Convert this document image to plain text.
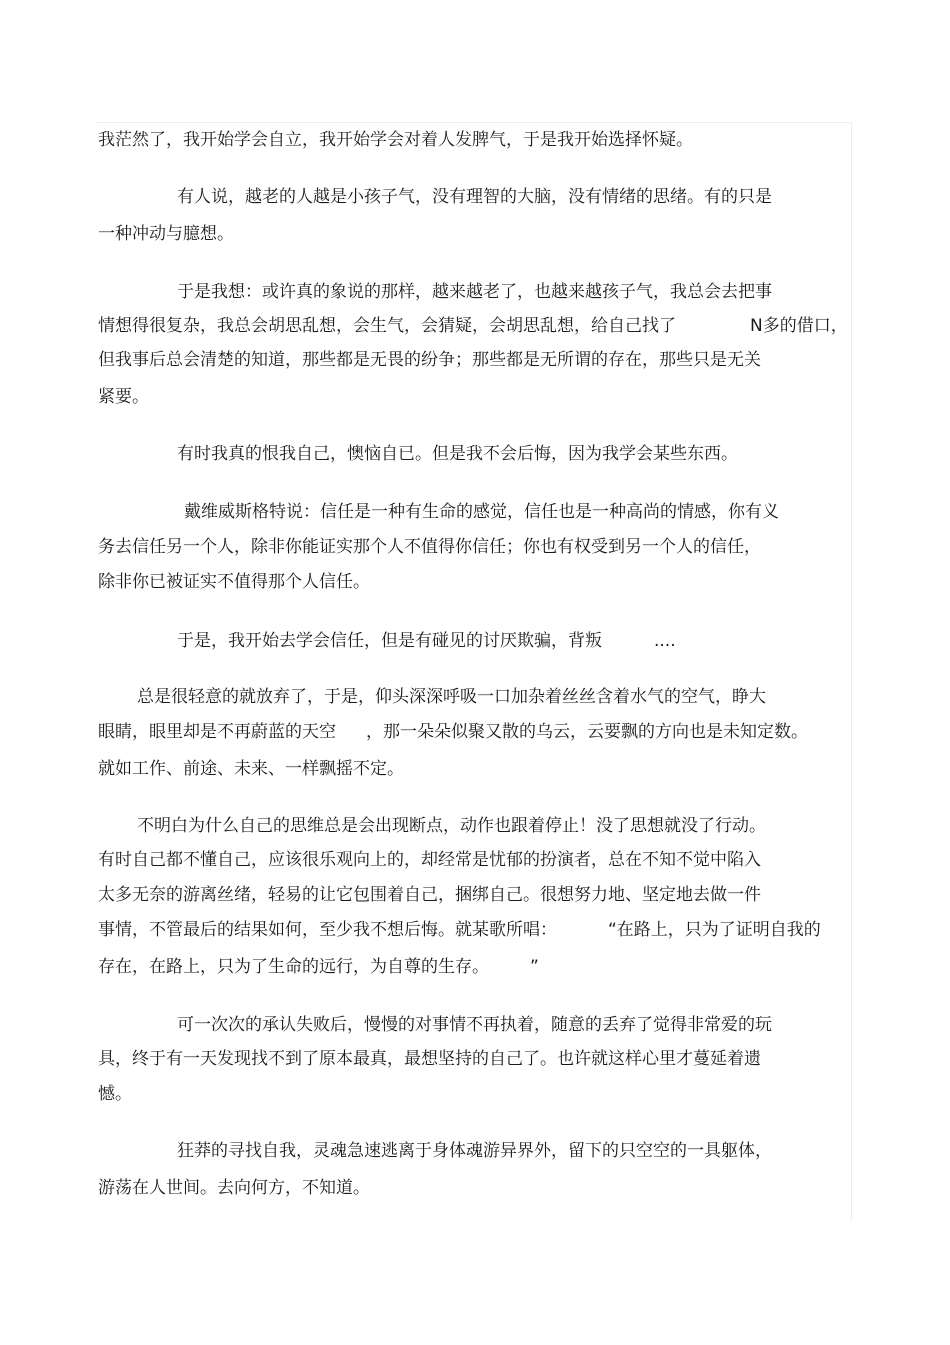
我茫然了，我开始学会自立，我开始学会对着人发脾气，于是我开始选择怀疑。
有人说，越老的人越是小孩子气，没有理智的大脑，没有情绪的思绪。有的只是
一种冲动与臆想。
于是我想：或许真的象说的那样，越来越老了，也越来越孩子气，我总会去把事
情想得很复杂，我总会胡思乱想，会生气，会猜疑，会胡思乱想，给自己找了	N多的借口，
但我事后总会清楚的知道，那些都是无畏的纷争；那些都是无所谓的存在，那些只是无关
紧要。
有时我真的恨我自己，懊恼自已。但是我不会后悔，因为我学会某些东西。
戴维威斯格特说：信任是一种有生命的感觉，信任也是一种高尚的情感，你有义
务去信任另一个人，除非你能证实那个人不值得你信任；你也有权受到另一个人的信任，
除非你已被证实不值得那个人信任。
于是，我开始去学会信任，但是有碰见的讨厌欺骗，背叛	....
总是很轻意的就放弃了，于是，仰头深深呼吸一口加杂着丝丝含着水气的空气，睁大
眼睛，眼里却是不再蔚蓝的天空 ，那一朵朵似聚又散的乌云，云要飘的方向也是未知定数。
就如工作、前途、未来、一样飘摇不定。
不明白为什么自己的思维总是会出现断点，动作也跟着停止！没了思想就没了行动。
有时自己都不懂自己，应该很乐观向上的，却经常是忧郁的扮演者，总在不知不觉中陷入
太多无奈的游离丝绪，轻易的让它包围着自己，捆绑自己。很想努力地、坚定地去做一件
事情，不管最后的结果如何，至少我不想后悔。就某歌所唱：	“在路上，只为了证明自我的
存在，在路上，只为了生命的远行，为自尊的生存。 ”
可一次次的承认失败后，慢慢的对事情不再执着，随意的丢弃了觉得非常爱的玩
具，终于有一天发现找不到了原本最真，最想坚持的自己了。也许就这样心里才蔓延着遗
憾。
狂莽的寻找自我，灵魂急速逃离于身体魂游异界外，留下的只空空的一具躯体，
游荡在人世间。去向何方，不知道。
